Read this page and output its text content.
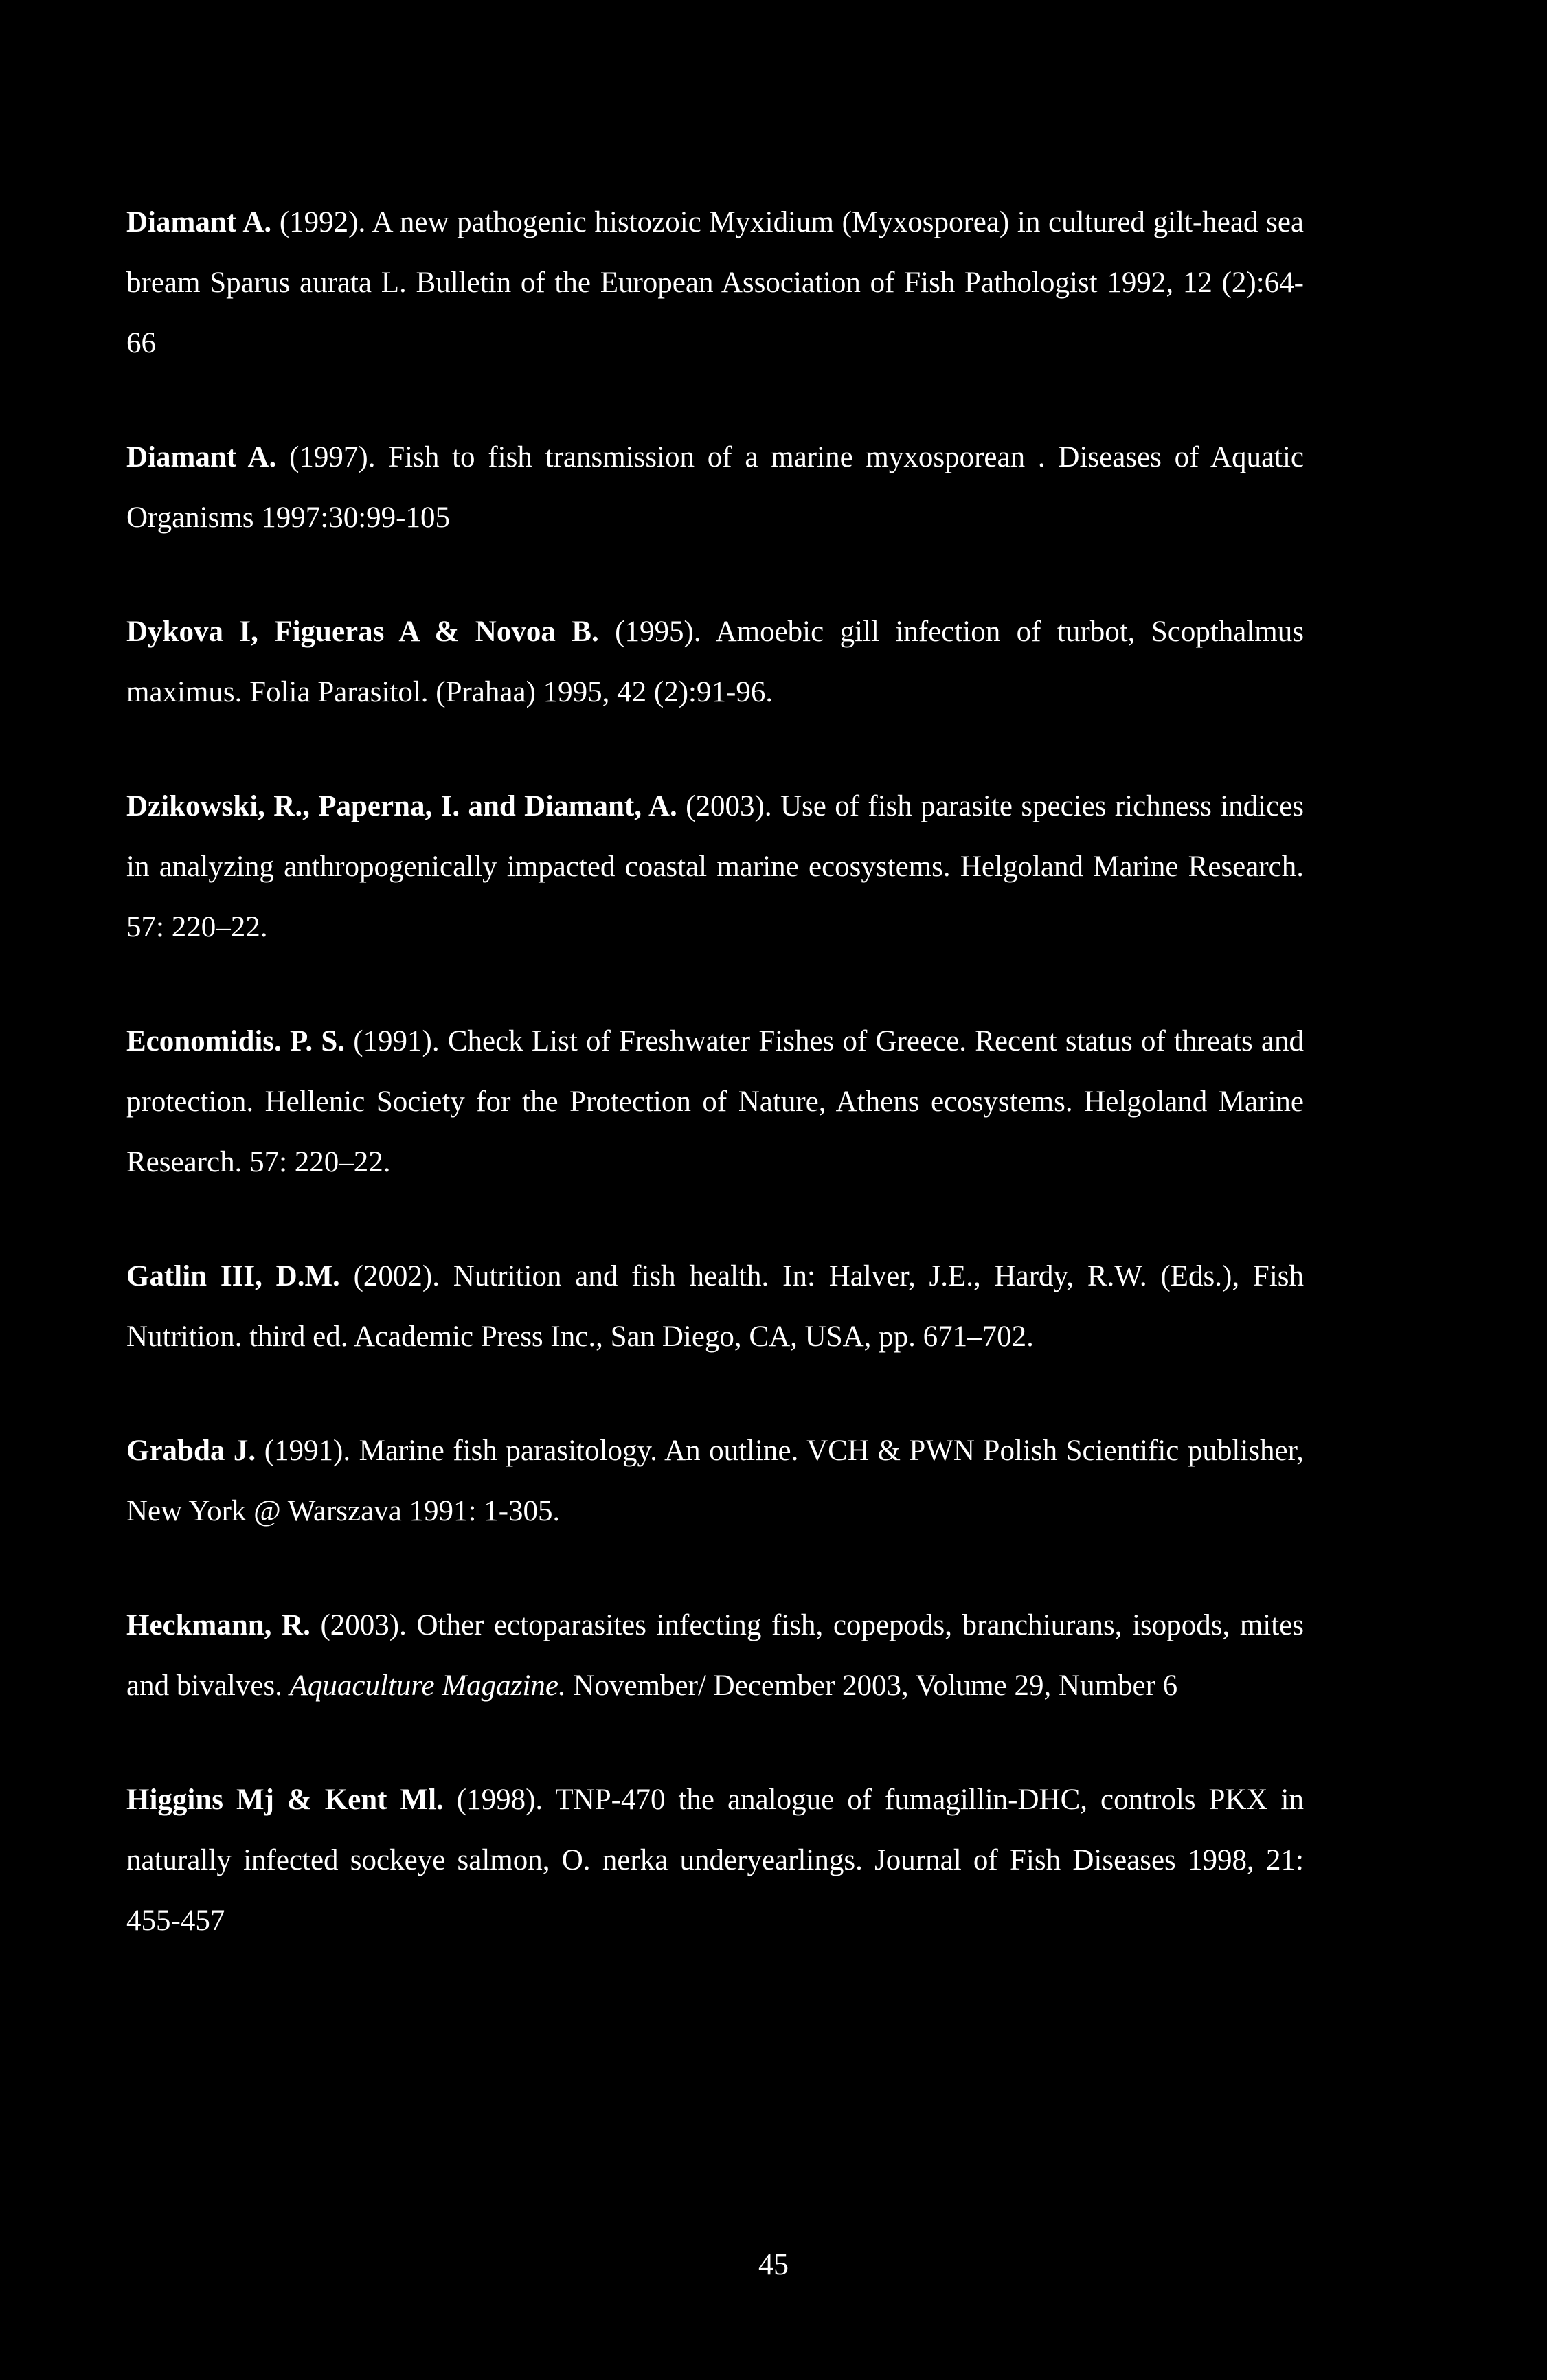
Diamant A. (1992). A new pathogenic histozoic Myxidium (Myxosporea) in cultured gilt-head sea bream Sparus aurata L. Bulletin of the European Association of Fish Pathologist 1992, 12 (2):64-66

Diamant A. (1997). Fish to fish transmission of a marine myxosporean . Diseases of Aquatic Organisms 1997:30:99-105

Dykova I, Figueras A & Novoa B. (1995). Amoebic gill infection of turbot, Scopthalmus maximus. Folia Parasitol. (Prahaa) 1995, 42 (2):91-96.

Dzikowski, R., Paperna, I. and Diamant, A. (2003). Use of fish parasite species richness indices in analyzing anthropogenically impacted coastal marine ecosystems. Helgoland Marine Research. 57: 220–22.

Economidis. P. S. (1991). Check List of Freshwater Fishes of Greece. Recent status of threats and protection. Hellenic Society for the Protection of Nature, Athens ecosystems. Helgoland Marine Research. 57: 220–22.

Gatlin III, D.M. (2002). Nutrition and fish health. In: Halver, J.E., Hardy, R.W. (Eds.), Fish Nutrition. third ed. Academic Press Inc., San Diego, CA, USA, pp. 671–702.

Grabda J. (1991). Marine fish parasitology. An outline. VCH & PWN Polish Scientific publisher, New York @ Warszava 1991: 1-305.

Heckmann, R. (2003). Other ectoparasites infecting fish, copepods, branchiurans, isopods, mites and bivalves. Aquaculture Magazine. November/ December 2003, Volume 29, Number 6

Higgins Mj & Kent Ml. (1998). TNP-470 the analogue of fumagillin-DHC, controls PKX in naturally infected sockeye salmon, O. nerka underyearlings. Journal of Fish Diseases 1998, 21: 455-457

45
